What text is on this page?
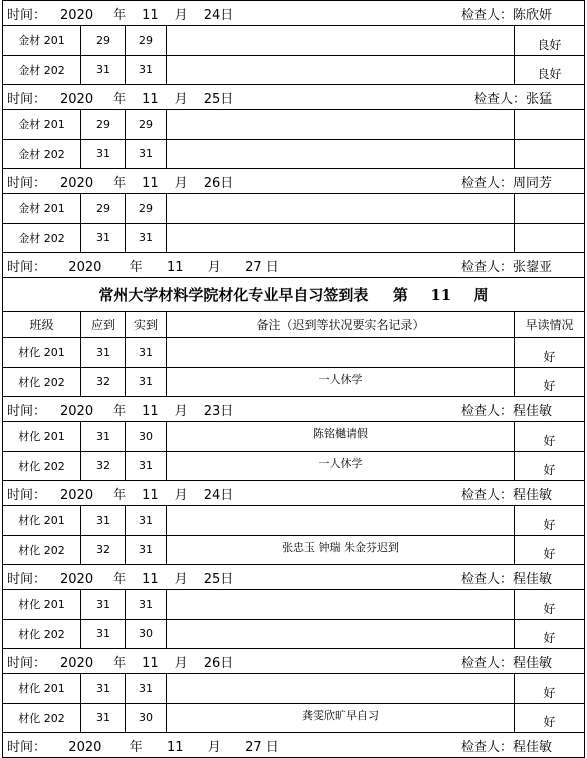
时间： 2020 年 11 月 24日 检查人：陈欣妍				

金材 201	29	29		良好
金材 202	31	31		良好
时间： 2020 年 11 月 25日 检查人：张猛				

金材 201	29	29		
金材 202	31	31		
时间： 2020 年 11 月 26日 检查人：周同芳				

金材 201	29	29		
金材 202	31	31		
时间： 2020 年 11 月 27 日 检查人：张鋆亚				

常州大学材料学院材化专业早自习签到表 第 11 周				
班级	应到	实到	备注（迟到等状况要实名记录）	早读情况
材化 201	31	31		好
材化 202	32	31	一人休学	好
时间： 2020 年 11 月 23日 检查人：程佳敏				

材化 201	31	30	陈铭樾请假	好
材化 202	32	31	一人休学	好
时间： 2020 年 11 月 24日 检查人：程佳敏				

材化 201	31	31		好
材化 202	32	31	张忠玉 钟瑞 朱金芬迟到	好
时间： 2020 年 11 月 25日 检查人：程佳敏				

材化 201	31	31		好
材化 202	31	30		好
时间： 2020 年 11 月 26日 检查人：程佳敏				

材化 201	31	31		好
材化 202	31	30	龚雯欣旷早自习	好
时间： 2020 年 11 月 27 日 检查人：程佳敏				
